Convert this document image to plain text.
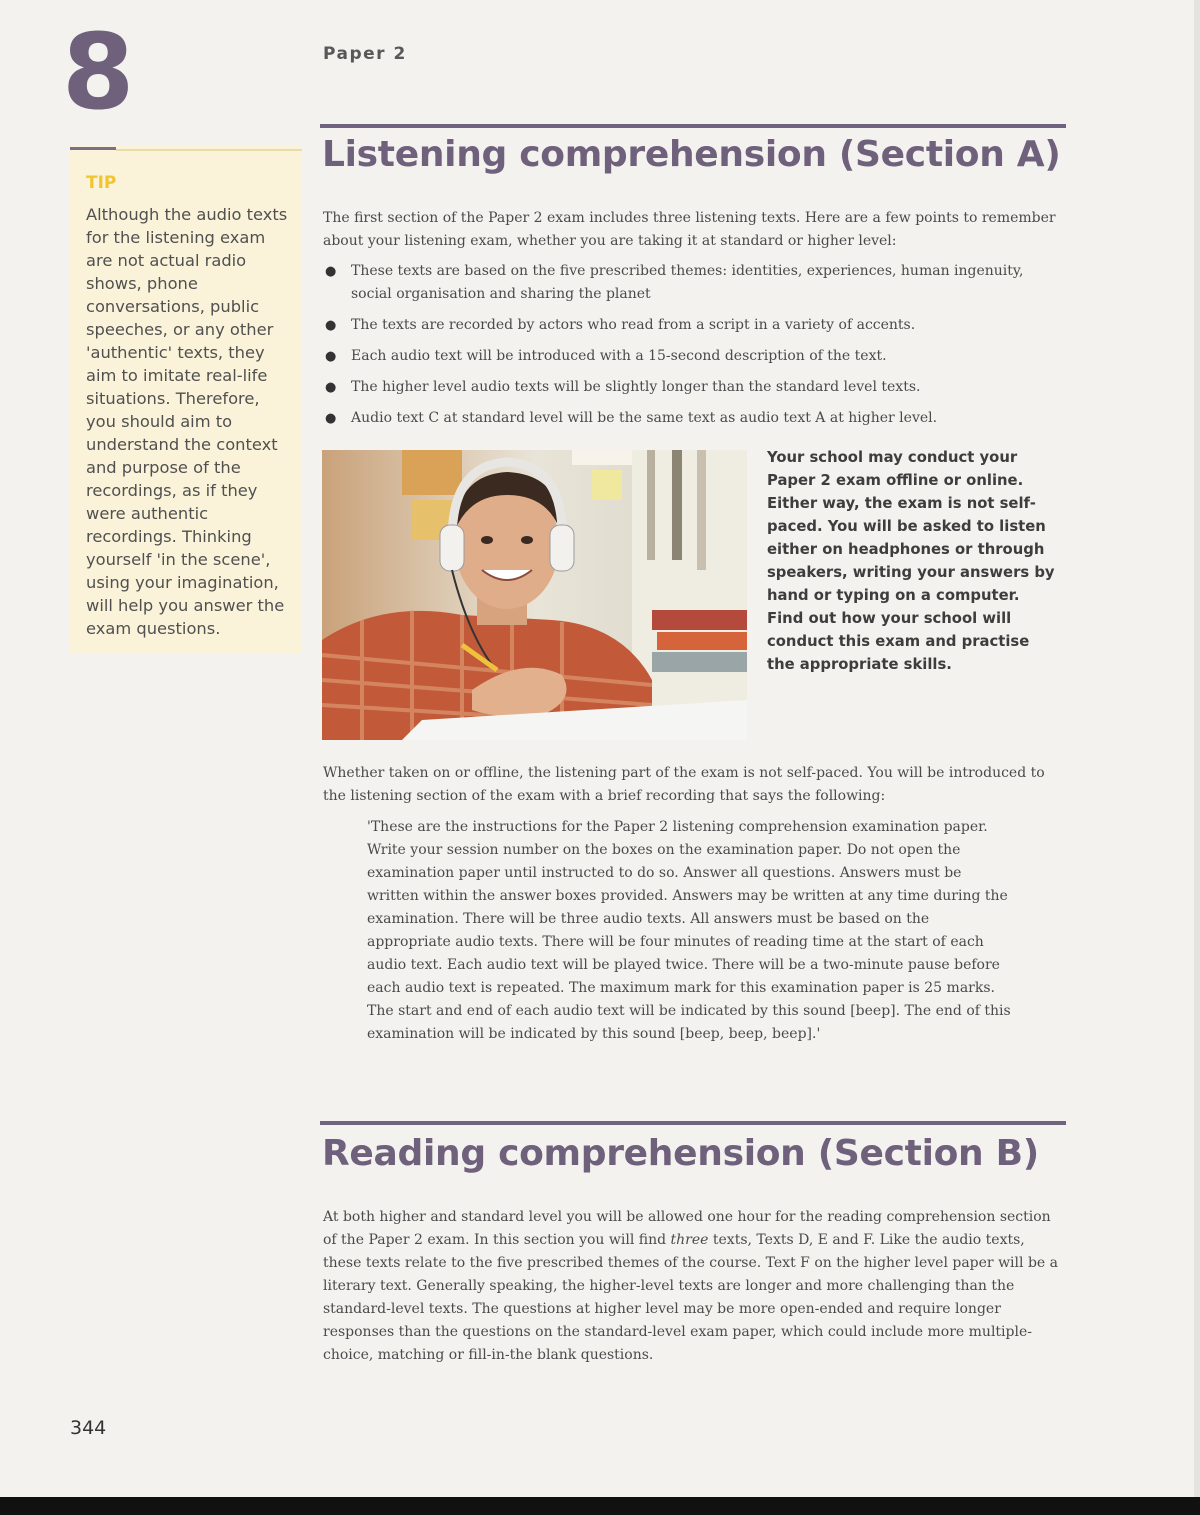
8	Paper 2
TIP

Although the audio texts for the listening exam are not actual radio shows, phone conversations, public speeches, or any other 'authentic' texts, they aim to imitate real-life situations. Therefore, you should aim to understand the context and purpose of the recordings, as if they were authentic recordings. Thinking yourself 'in the scene', using your imagination, will help you answer the exam questions.

Listening comprehension (Section A)

The first section of the Paper 2 exam includes three listening texts. Here are a few points to remember about your listening exam, whether you are taking it at standard or higher level:

● These texts are based on the five prescribed themes: identities, experiences, human ingenuity, social organisation and sharing the planet
● The texts are recorded by actors who read from a script in a variety of accents.
● Each audio text will be introduced with a 15-second description of the text.
● The higher level audio texts will be slightly longer than the standard level texts.
● Audio text C at standard level will be the same text as audio text A at higher level.

Your school may conduct your Paper 2 exam offline or online. Either way, the exam is not self-paced. You will be asked to listen either on headphones or through speakers, writing your answers by hand or typing on a computer. Find out how your school will conduct this exam and practise the appropriate skills.

Whether taken on or offline, the listening part of the exam is not self-paced. You will be introduced to the listening section of the exam with a brief recording that says the following:

'These are the instructions for the Paper 2 listening comprehension examination paper. Write your session number on the boxes on the examination paper. Do not open the examination paper until instructed to do so. Answer all questions. Answers must be written within the answer boxes provided. Answers may be written at any time during the examination. There will be three audio texts. All answers must be based on the appropriate audio texts. There will be four minutes of reading time at the start of each audio text. Each audio text will be played twice. There will be a two-minute pause before each audio text is repeated. The maximum mark for this examination paper is 25 marks. The start and end of each audio text will be indicated by this sound [beep]. The end of this examination will be indicated by this sound [beep, beep, beep].'

Reading comprehension (Section B)

At both higher and standard level you will be allowed one hour for the reading comprehension section of the Paper 2 exam. In this section you will find three texts, Texts D, E and F. Like the audio texts, these texts relate to the five prescribed themes of the course. Text F on the higher level paper will be a literary text. Generally speaking, the higher-level texts are longer and more challenging than the standard-level texts. The questions at higher level may be more open-ended and require longer responses than the questions on the standard-level exam paper, which could include more multiple-choice, matching or fill-in-the blank questions.

344
